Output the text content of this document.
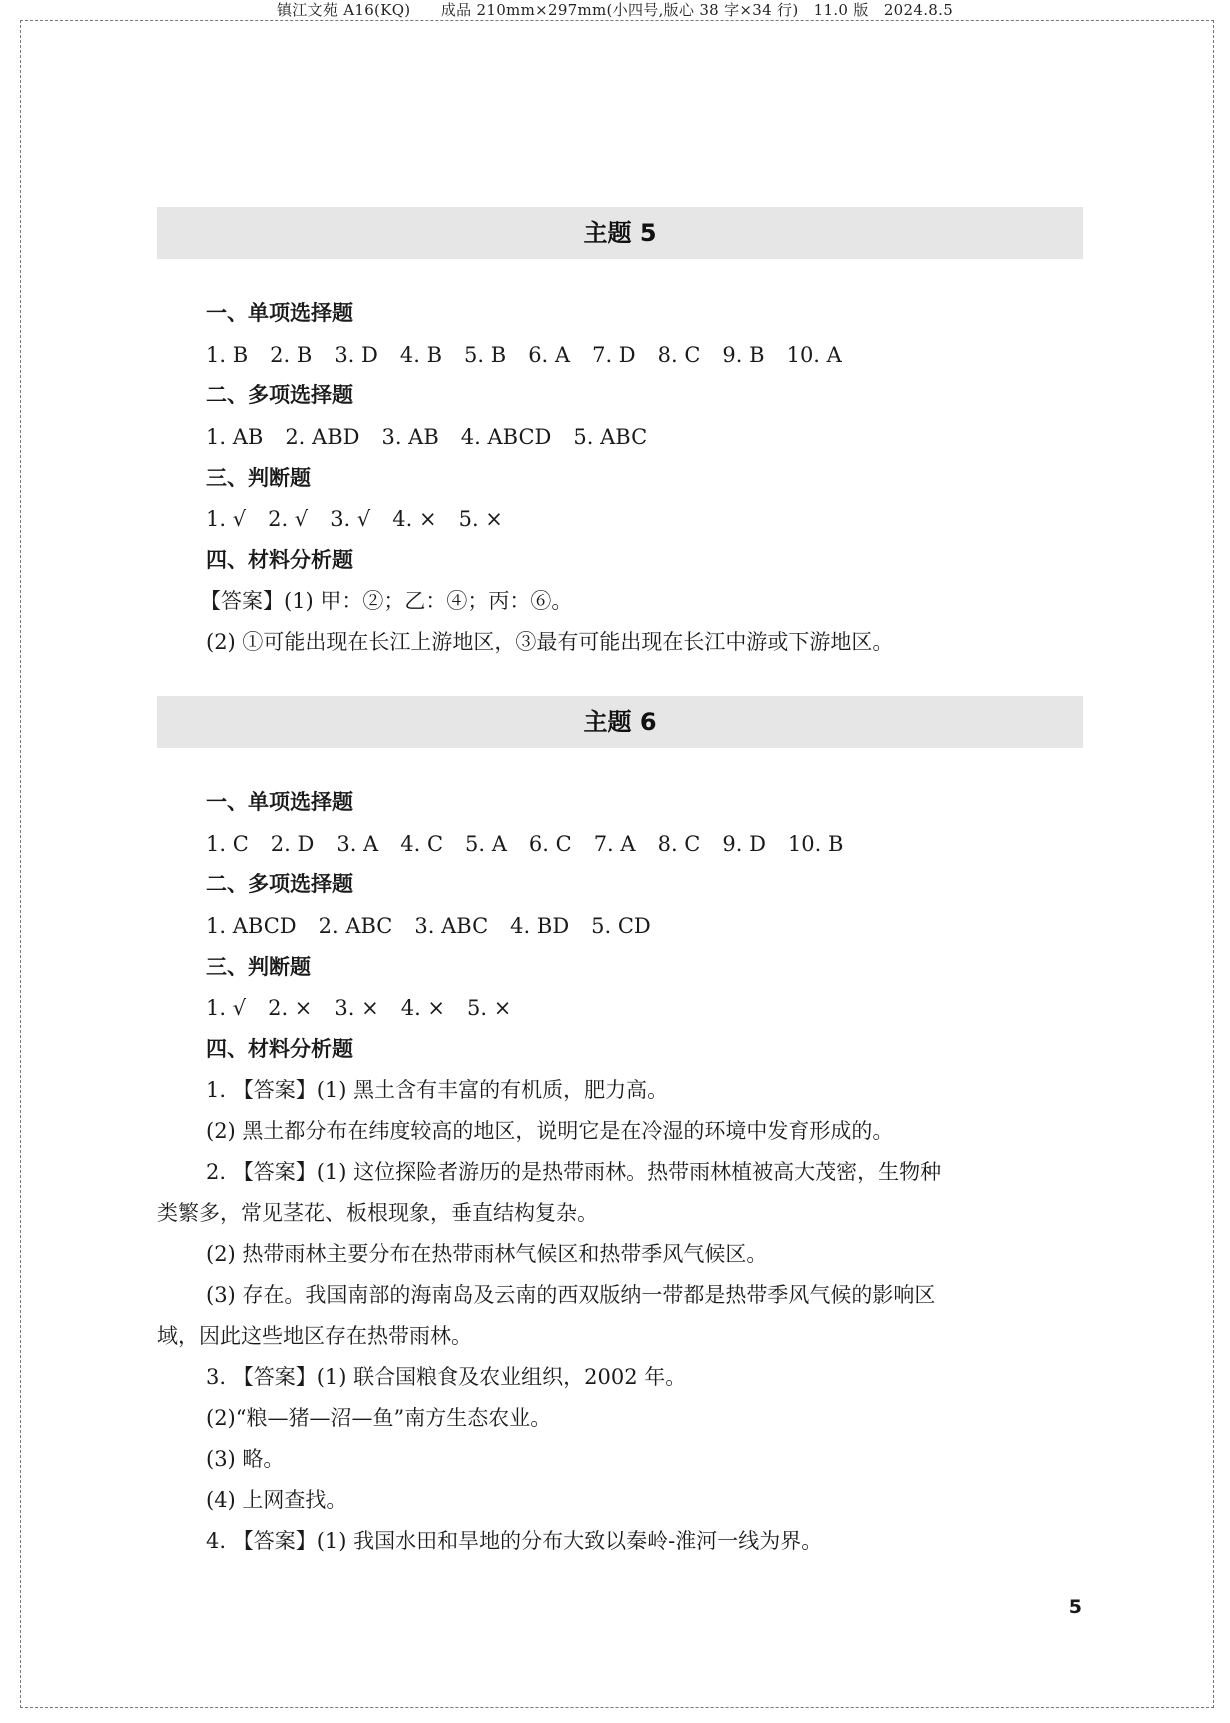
镇江文苑 A16(KQ)      成品 210mm×297mm(小四号,版心 38 字×34 行)   11.0 版   2024.8.5
主题 5
一、单项选择题
1. B 2. B 3. D 4. B 5. B 6. A 7. D 8. C 9. B 10. A
二、多项选择题
1. AB 2. ABD 3. AB 4. ABCD 5. ABC
三、判断题
1. √ 2. √ 3. √ 4. × 5. ×
四、材料分析题
【答案】(1) 甲：②；乙：④；丙：⑥。
(2) ①可能出现在长江上游地区，③最有可能出现在长江中游或下游地区。
主题 6
一、单项选择题
1. C 2. D 3. A 4. C 5. A 6. C 7. A 8. C 9. D 10. B
二、多项选择题
1. ABCD 2. ABC 3. ABC 4. BD 5. CD
三、判断题
1. √ 2. × 3. × 4. × 5. ×
四、材料分析题
1. 【答案】(1) 黑土含有丰富的有机质，肥力高。
(2) 黑土都分布在纬度较高的地区，说明它是在冷湿的环境中发育形成的。
2. 【答案】(1) 这位探险者游历的是热带雨林。热带雨林植被高大茂密，生物种
类繁多，常见茎花、板根现象，垂直结构复杂。
(2) 热带雨林主要分布在热带雨林气候区和热带季风气候区。
(3) 存在。我国南部的海南岛及云南的西双版纳一带都是热带季风气候的影响区
域，因此这些地区存在热带雨林。
3. 【答案】(1) 联合国粮食及农业组织，2002 年。
(2)“粮—猪—沼—鱼”南方生态农业。
(3) 略。
(4) 上网查找。
4. 【答案】(1) 我国水田和旱地的分布大致以秦岭-淮河一线为界。
5
